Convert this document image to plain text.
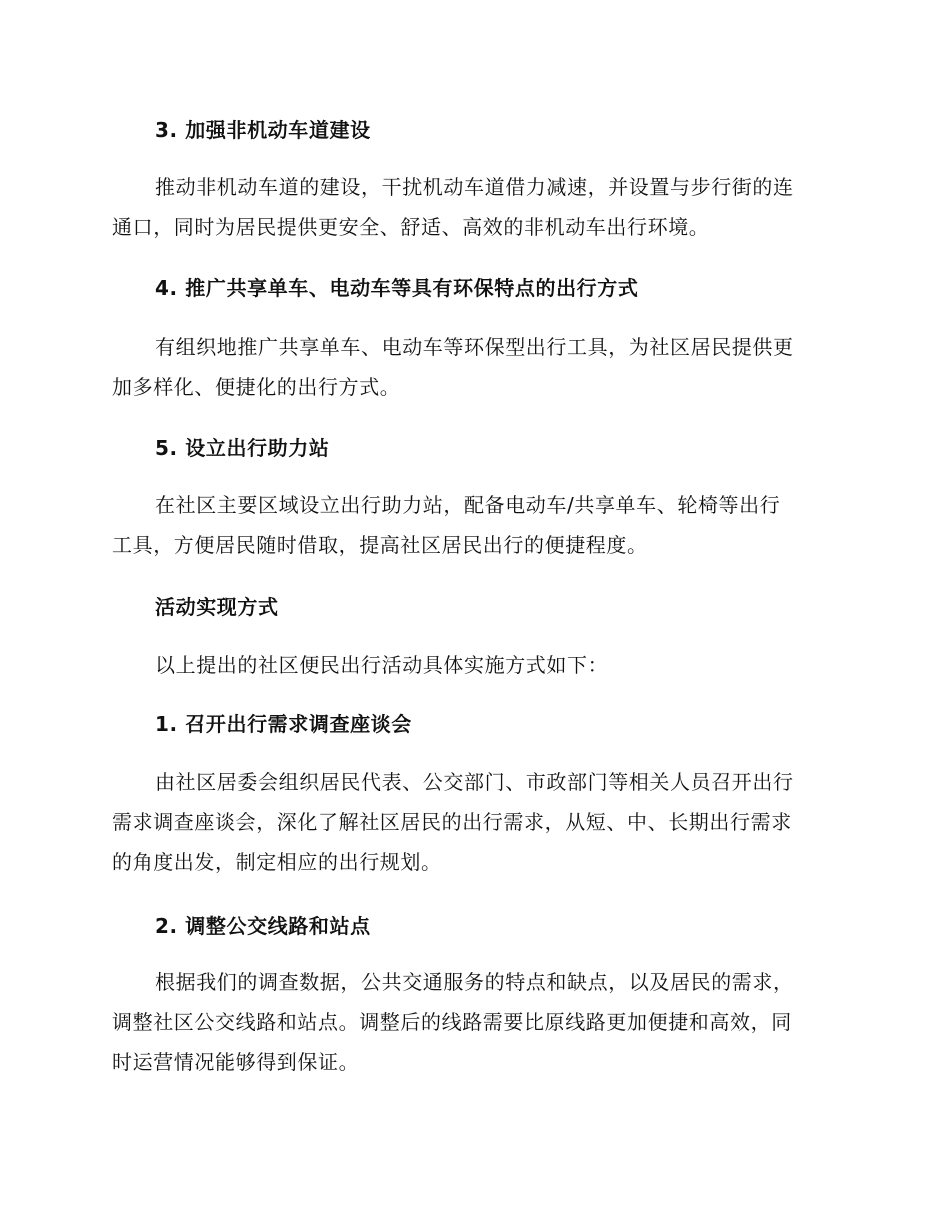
3. 加强非机动车道建设
推动非机动车道的建设，干扰机动车道借力减速，并设置与步行街的连
通口，同时为居民提供更安全、舒适、高效的非机动车出行环境。
4. 推广共享单车、电动车等具有环保特点的出行方式
有组织地推广共享单车、电动车等环保型出行工具，为社区居民提供更
加多样化、便捷化的出行方式。
5. 设立出行助力站
在社区主要区域设立出行助力站，配备电动车/共享单车、轮椅等出行
工具，方便居民随时借取，提高社区居民出行的便捷程度。
活动实现方式
以上提出的社区便民出行活动具体实施方式如下：
1. 召开出行需求调查座谈会
由社区居委会组织居民代表、公交部门、市政部门等相关人员召开出行
需求调查座谈会，深化了解社区居民的出行需求，从短、中、长期出行需求
的角度出发，制定相应的出行规划。
2. 调整公交线路和站点
根据我们的调查数据，公共交通服务的特点和缺点，以及居民的需求，
调整社区公交线路和站点。调整后的线路需要比原线路更加便捷和高效，同
时运营情况能够得到保证。
